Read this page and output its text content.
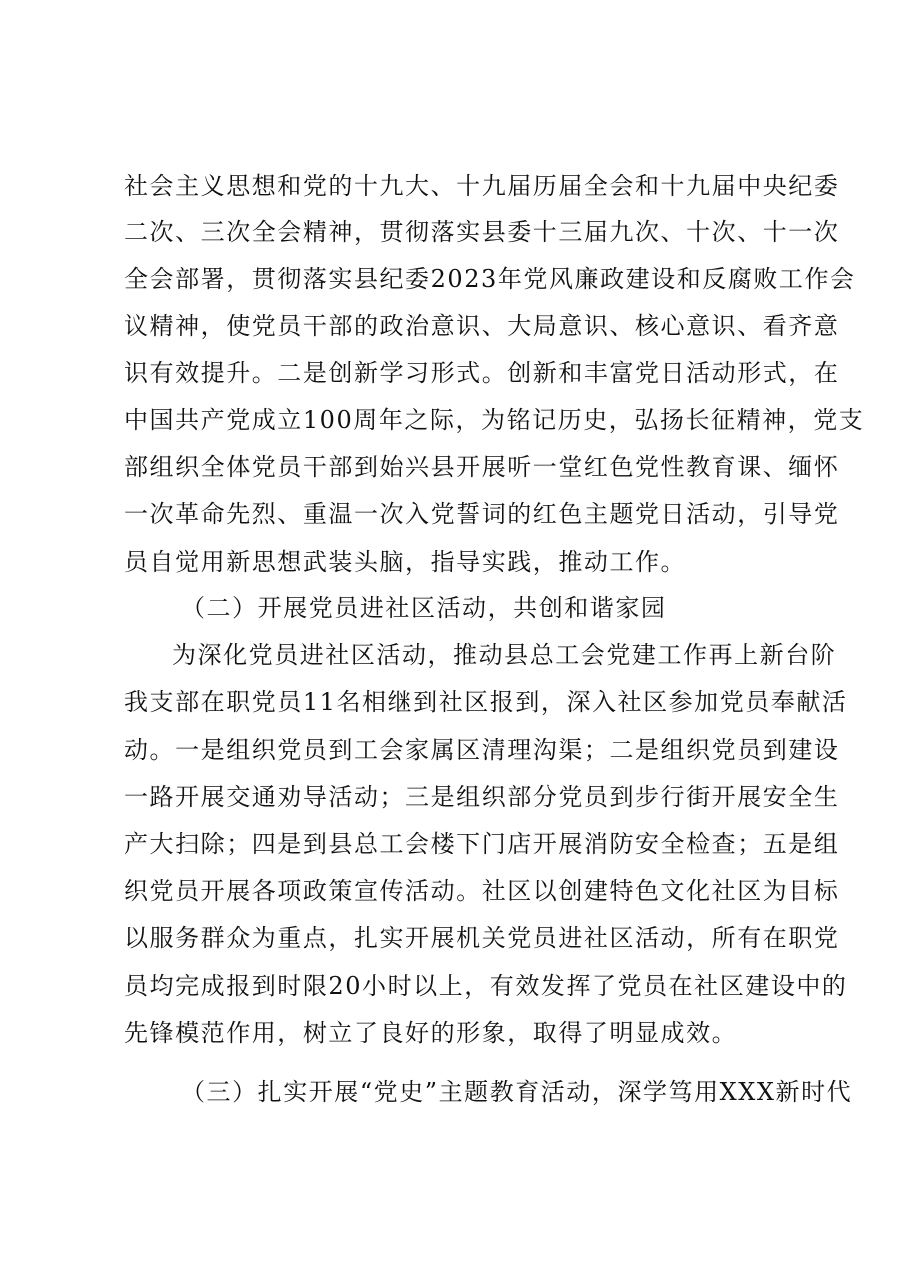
社会主义思想和党的十九大、十九届历届全会和十九届中央纪委
二次、三次全会精神，贯彻落实县委十三届九次、十次、十一次
全会部署，贯彻落实县纪委2023年党风廉政建设和反腐败工作会
议精神，使党员干部的政治意识、大局意识、核心意识、看齐意
识有效提升。二是创新学习形式。创新和丰富党日活动形式，在
中国共产党成立100周年之际，为铭记历史，弘扬长征精神，党支
部组织全体党员干部到始兴县开展听一堂红色党性教育课、缅怀
一次革命先烈、重温一次入党誓词的红色主题党日活动，引导党
员自觉用新思想武装头脑，指导实践，推动工作。
（二）开展党员进社区活动，共创和谐家园
为深化党员进社区活动，推动县总工会党建工作再上新台阶
我支部在职党员11名相继到社区报到，深入社区参加党员奉献活
动。一是组织党员到工会家属区清理沟渠；二是组织党员到建设
一路开展交通劝导活动；三是组织部分党员到步行街开展安全生
产大扫除；四是到县总工会楼下门店开展消防安全检查；五是组
织党员开展各项政策宣传活动。社区以创建特色文化社区为目标
以服务群众为重点，扎实开展机关党员进社区活动，所有在职党
员均完成报到时限20小时以上，有效发挥了党员在社区建设中的
先锋模范作用，树立了良好的形象，取得了明显成效。
（三）扎实开展“党史”主题教育活动，深学笃用XXX新时代
